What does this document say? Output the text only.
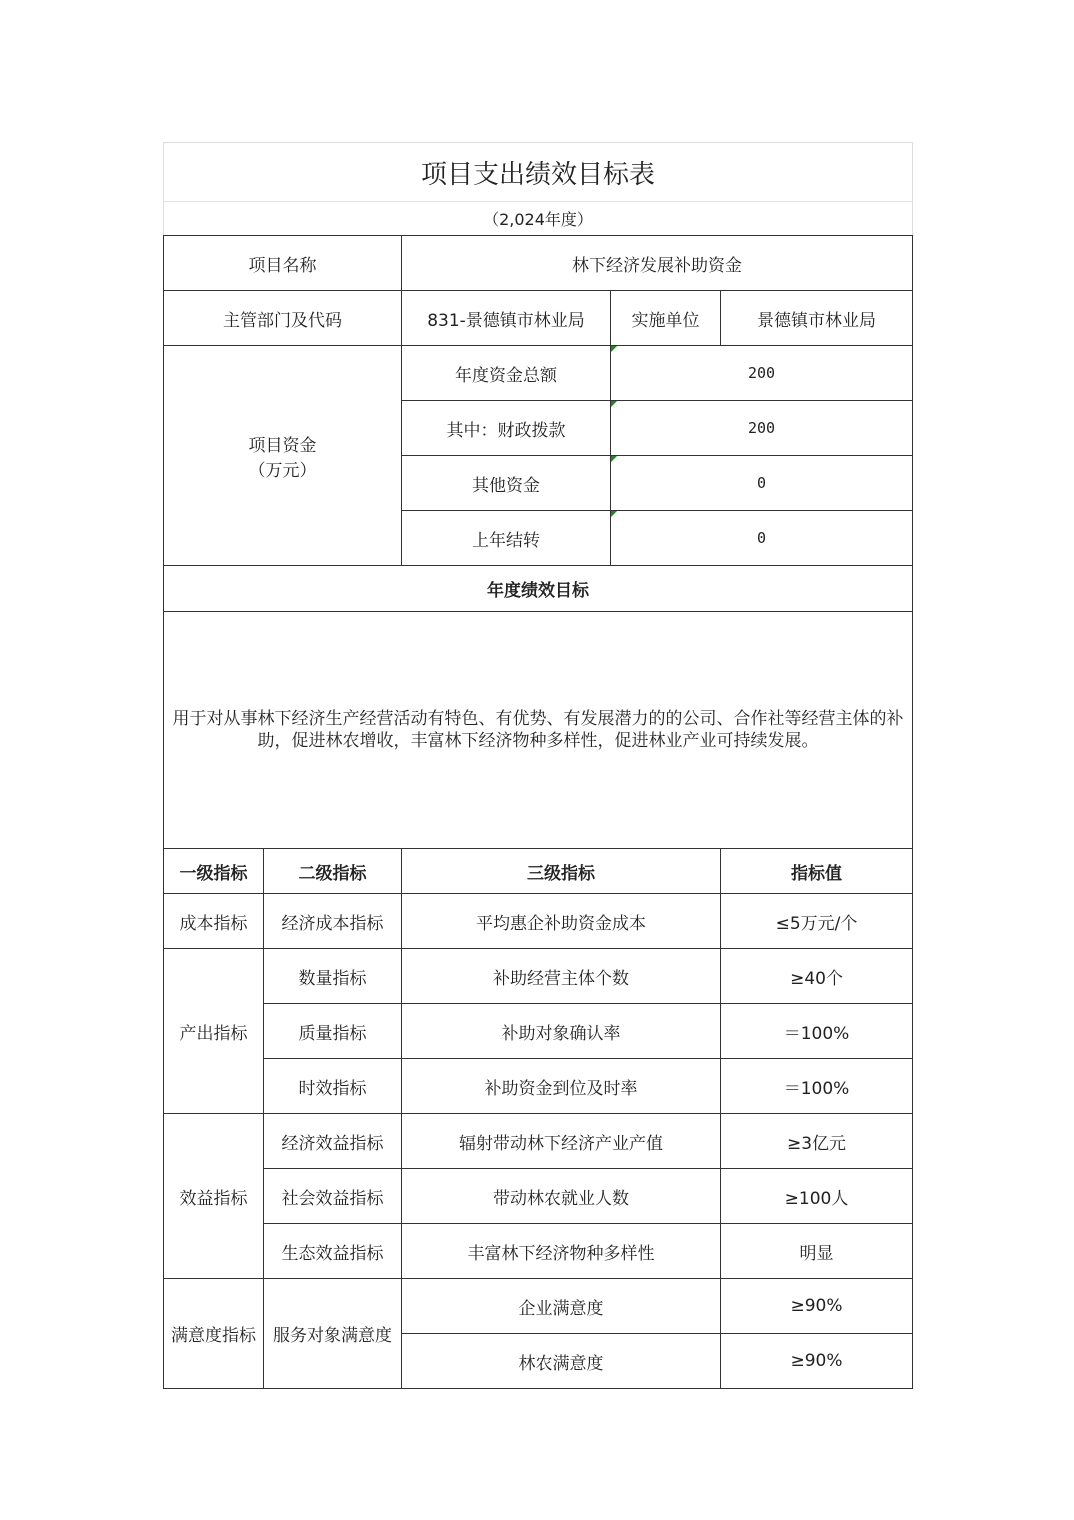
项目支出绩效目标表				
（2,024年度）				
项目名称		林下经济发展补助资金		
主管部门及代码		831-景德镇市林业局	实施单位	景德镇市林业局

项目资金
（万元）		年度资金总额	200	
		其中：财政拨款	200	
		其他资金	0	
		上年结转	0	
年度绩效目标				
用于对从事林下经济生产经营活动有特色、有优势、有发展潜力的的公司、合作社等经营主体的补助，促进林农增收，丰富林下经济物种多样性，促进林业产业可持续发展。				
一级指标	二级指标	三级指标		指标值
成本指标	经济成本指标	平均惠企补助资金成本		≤5万元/个
产出指标	数量指标	补助经营主体个数		≥40个
	质量指标	补助对象确认率		＝100%
	时效指标	补助资金到位及时率		＝100%
效益指标	经济效益指标	辐射带动林下经济产业产值		≥3亿元
	社会效益指标	带动林农就业人数		≥100人
	生态效益指标	丰富林下经济物种多样性		明显
满意度指标	服务对象满意度	企业满意度		≥90%
		林农满意度		≥90%
